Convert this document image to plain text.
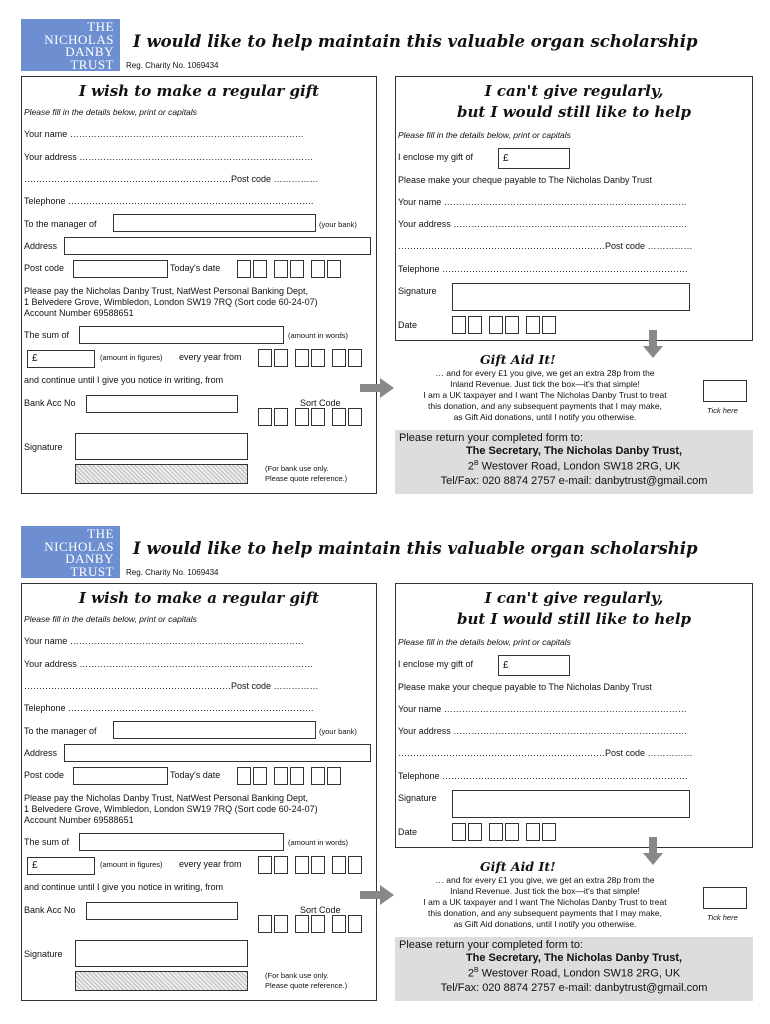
THE
NICHOLAS
DANBY
TRUST
I would like to help maintain this valuable organ scholarship
Reg. Charity No. 1069434
I wish to make a regular gift
Please fill in the details below, print or capitals
Your name ……………………………………………………………………
Your address ……………………………………………………………………
……………………………………………………………Post code ……………
Telephone ……………………………………………………………………….
To the manager of	(your bank)
Address
Post code	Today's date
Please pay the Nicholas Danby Trust, NatWest Personal Banking Dept,
1 Belvedere Grove, Wimbledon, London SW19 7RQ (Sort code 60-24-07)
Account Number 69588651
The sum of	(amount in words)
£	(amount in figures) every year from
and continue until I give you notice in writing, from
Bank Acc No	Sort Code
Signature
(For bank use only.
Please quote reference.)
I can't give regularly,
but I would still like to help
Please fill in the details below, print or capitals
I enclose my gift of	£
Please make your cheque payable to The Nicholas Danby Trust
Your name ………………………………………………………………………
Your address ……………………………………………………………………
……………………………………………………………Post code ……………
Telephone ……………………………………………………………………….
Signature
Date
Gift Aid It!
… and for every £1 you give, we get an extra 28p from the
Inland Revenue. Just tick the box—it's that simple!
I am a UK taxpayer and I want The Nicholas Danby Trust to treat
this donation, and any subsequent payments that I may make,
as Gift Aid donations, until I notify you otherwise.
Tick here
Please return your completed form to:
The Secretary, The Nicholas Danby Trust,
$2^B$ Westover Road, London SW18 2RG, UK
Tel/Fax: 020 8874 2757 e-mail: danbytrust@gmail.com
THE
NICHOLAS
DANBY
TRUST
I would like to help maintain this valuable organ scholarship
Reg. Charity No. 1069434
I wish to make a regular gift
Please fill in the details below, print or capitals
Your name ……………………………………………………………………
Your address ……………………………………………………………………
……………………………………………………………Post code ……………
Telephone ……………………………………………………………………….
To the manager of	(your bank)
Address
Post code	Today's date
Please pay the Nicholas Danby Trust, NatWest Personal Banking Dept,
1 Belvedere Grove, Wimbledon, London SW19 7RQ (Sort code 60-24-07)
Account Number 69588651
The sum of	(amount in words)
£	(amount in figures) every year from
and continue until I give you notice in writing, from
Bank Acc No	Sort Code
Signature
(For bank use only.
Please quote reference.)
I can't give regularly,
but I would still like to help
Please fill in the details below, print or capitals
I enclose my gift of	£
Please make your cheque payable to The Nicholas Danby Trust
Your name ………………………………………………………………………
Your address ……………………………………………………………………
……………………………………………………………Post code ……………
Telephone ……………………………………………………………………….
Signature
Date
Gift Aid It!
… and for every £1 you give, we get an extra 28p from the
Inland Revenue. Just tick the box—it's that simple!
I am a UK taxpayer and I want The Nicholas Danby Trust to treat
this donation, and any subsequent payments that I may make,
as Gift Aid donations, until I notify you otherwise.
Tick here
Please return your completed form to:
The Secretary, The Nicholas Danby Trust,
$2^B$ Westover Road, London SW18 2RG, UK
Tel/Fax: 020 8874 2757 e-mail: danbytrust@gmail.com
